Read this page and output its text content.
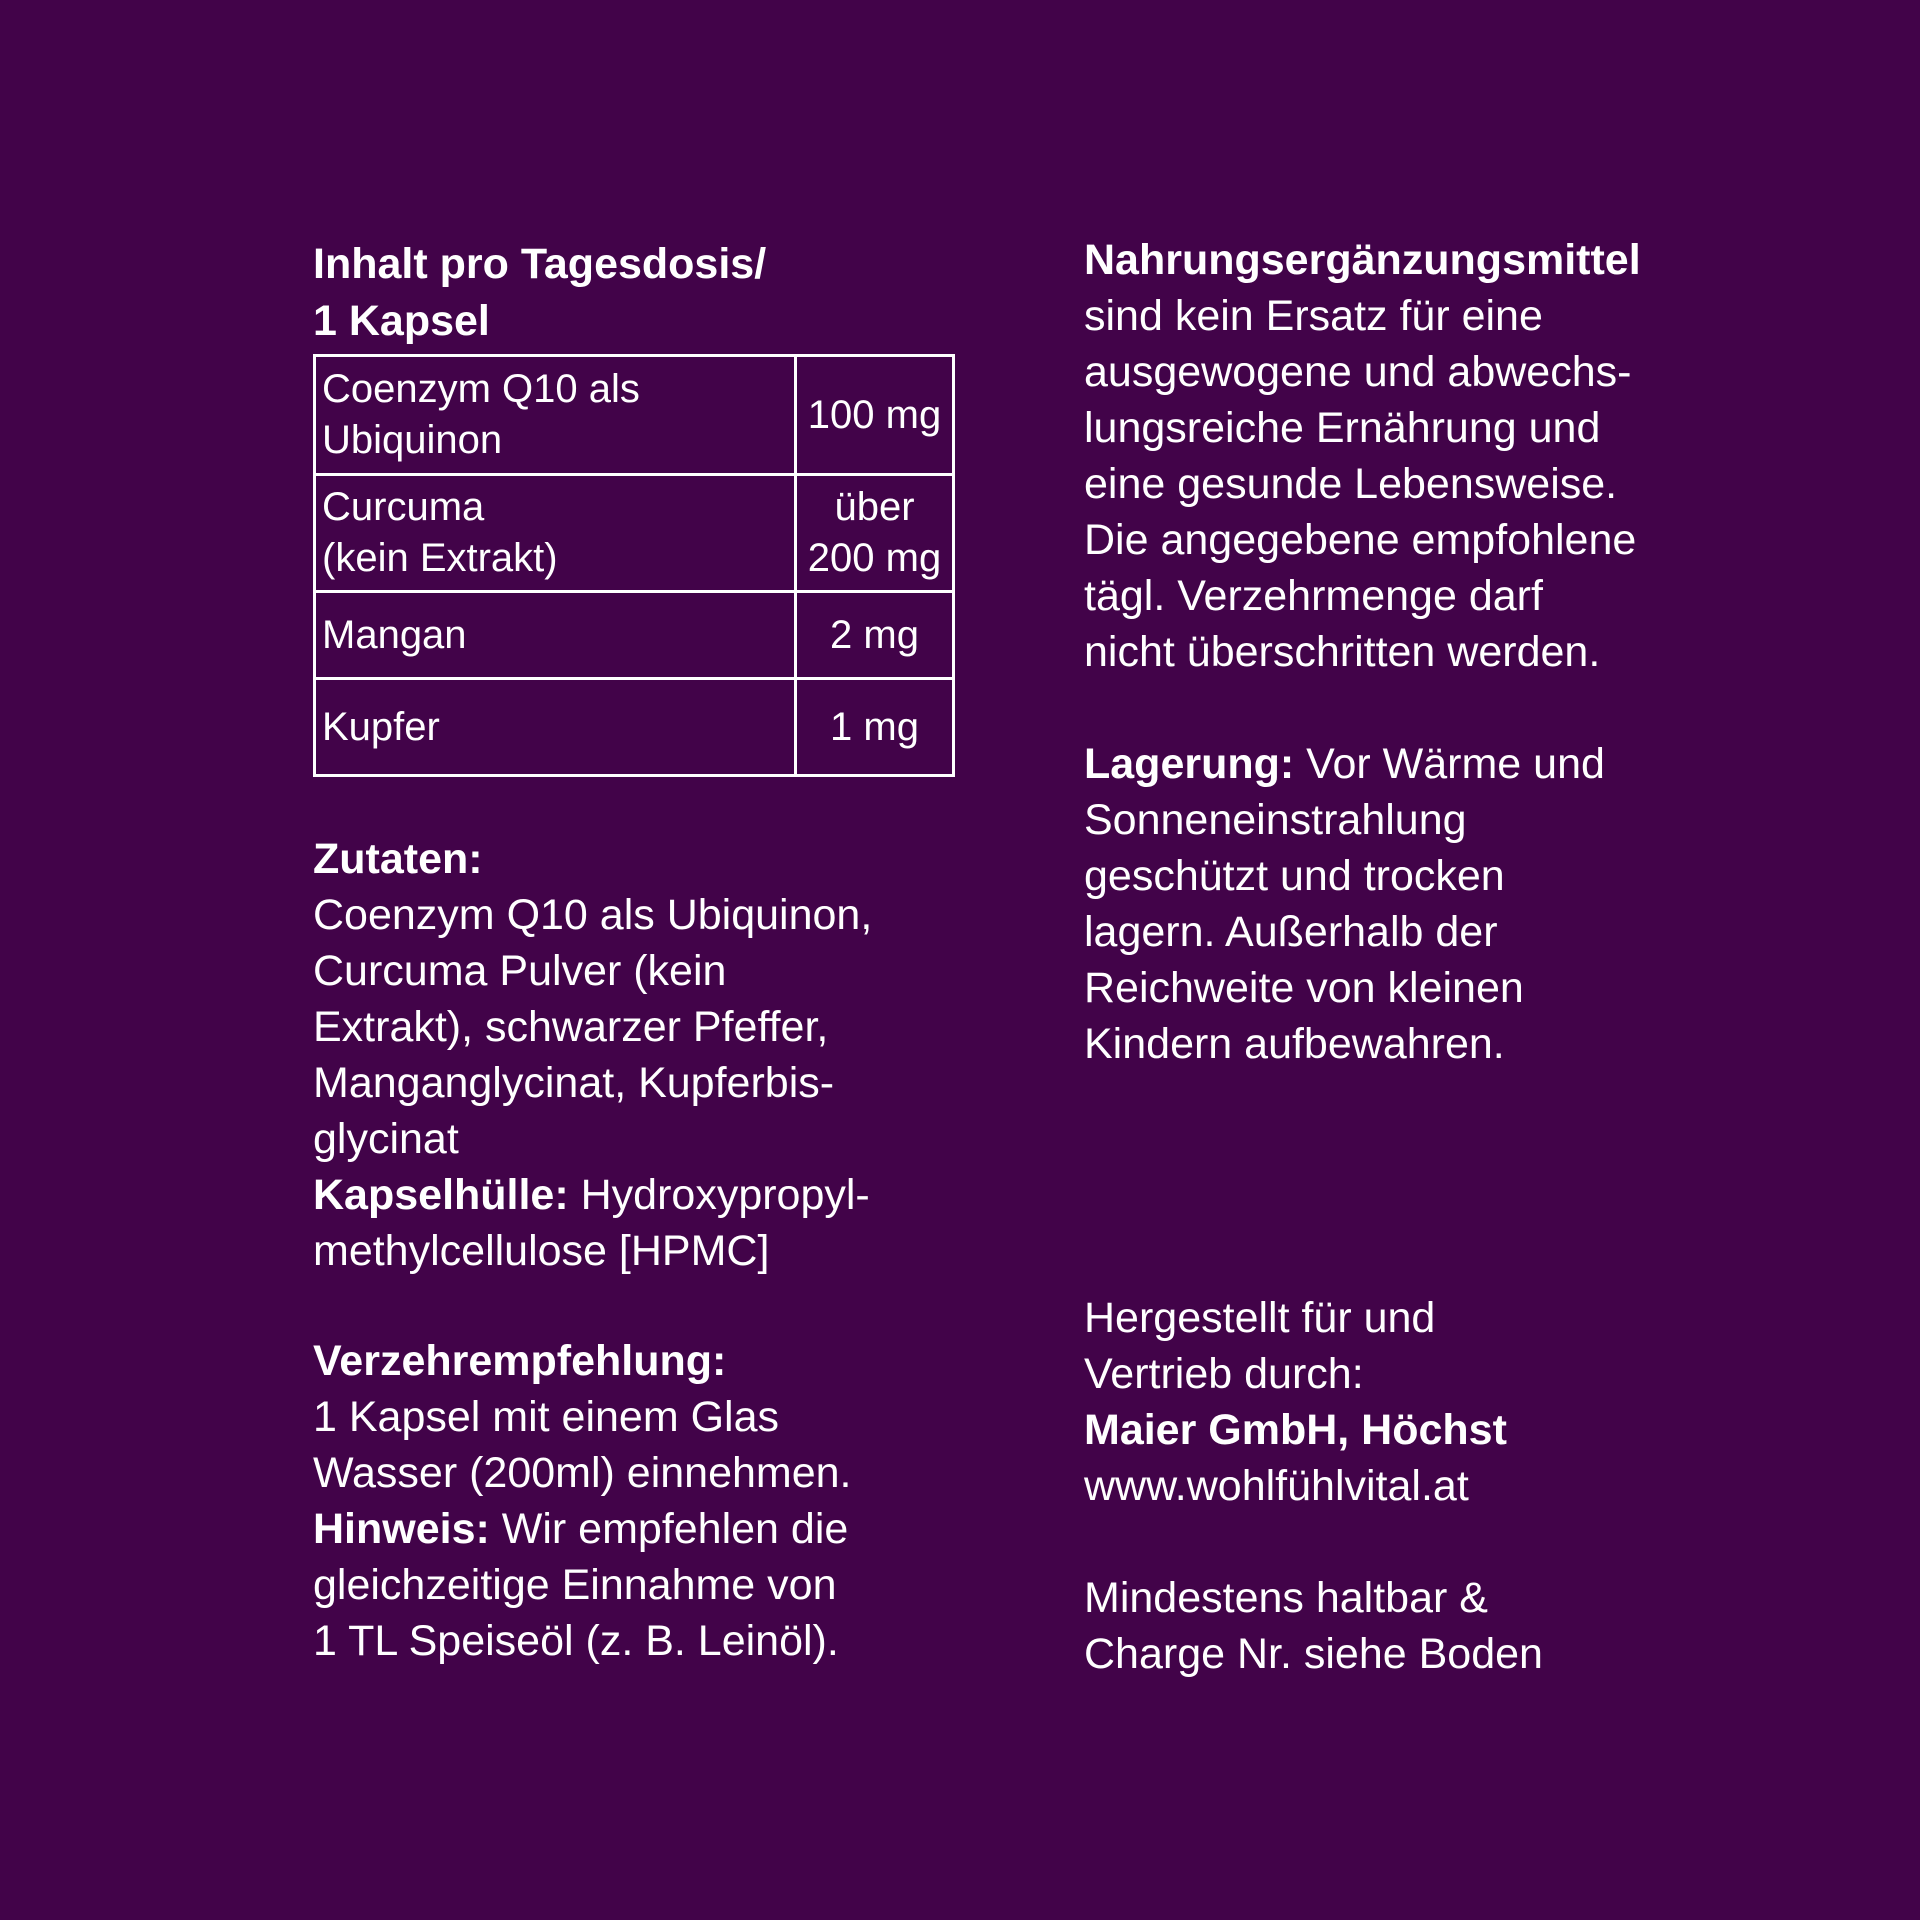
Inhalt pro Tagesdosis/
1 Kapsel

Coenzym Q10 als
Ubiquinon	100 mg
Curcuma
(kein Extrakt)	über
200 mg
Mangan	2 mg
Kupfer	1 mg

Zutaten:
Coenzym Q10 als Ubiquinon,
Curcuma Pulver (kein
Extrakt), schwarzer Pfeffer,
Manganglycinat, Kupferbis-
glycinat
Kapselhülle: Hydroxypropyl-
methylcellulose [HPMC]

Verzehrempfehlung:
1 Kapsel mit einem Glas
Wasser (200ml) einnehmen.
Hinweis: Wir empfehlen die
gleichzeitige Einnahme von
1 TL Speiseöl (z. B. Leinöl).

Nahrungsergänzungsmittel
sind kein Ersatz für eine
ausgewogene und abwechs-
lungsreiche Ernährung und
eine gesunde Lebensweise.
Die angegebene empfohlene
tägl. Verzehrmenge darf
nicht überschritten werden.

Lagerung: Vor Wärme und
Sonneneinstrahlung
geschützt und trocken
lagern. Außerhalb der
Reichweite von kleinen
Kindern aufbewahren.

Hergestellt für und
Vertrieb durch:
Maier GmbH, Höchst
www.wohlfühlvital.at

Mindestens haltbar &
Charge Nr. siehe Boden
